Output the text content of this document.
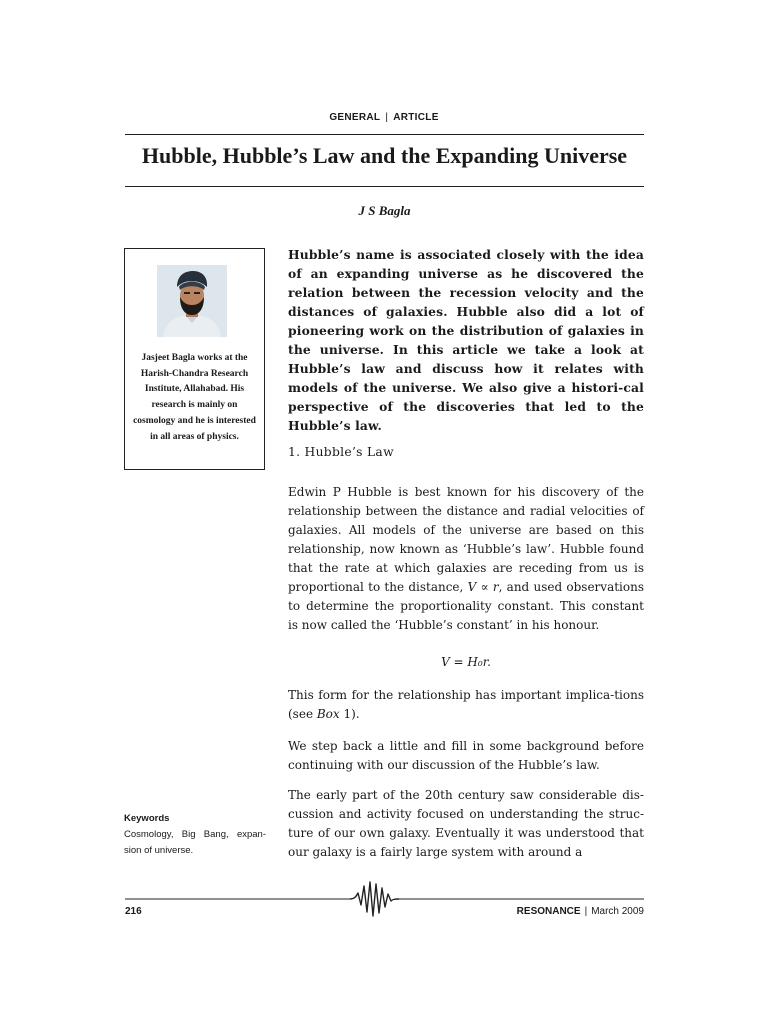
GENERAL | ARTICLE
Hubble, Hubble’s Law and the Expanding Universe
J S Bagla
Jasjeet Bagla works at the Harish-Chandra Research Institute, Allahabad. His research is mainly on cosmology and he is interested in all areas of physics.
Hubble’s name is associated closely with the idea of an expanding universe as he discovered the relation between the recession velocity and the distances of galaxies. Hubble also did a lot of pioneering work on the distribution of galaxies in the universe. In this article we take a look at Hubble’s law and discuss how it relates with models of the universe. We also give a histori-cal perspective of the discoveries that led to the Hubble’s law.
1. Hubble’s Law

Edwin P Hubble is best known for his discovery of the relationship between the distance and radial velocities of galaxies. All models of the universe are based on this relationship, now known as ‘Hubble’s law’. Hubble found that the rate at which galaxies are receding from us is proportional to the distance, V ∝ r, and used observations to determine the proportionality constant. This constant is now called the ‘Hubble’s constant’ in his honour.

V = H₀r.

This form for the relationship has important implica-tions (see Box 1).

We step back a little and fill in some background before continuing with our discussion of the Hubble’s law.

The early part of the 20th century saw considerable dis-cussion and activity focused on understanding the struc-ture of our own galaxy. Eventually it was understood that our galaxy is a fairly large system with around a

Keywords
Cosmology, Big Bang, expan-sion of universe.
216	RESONANCE | March 2009
